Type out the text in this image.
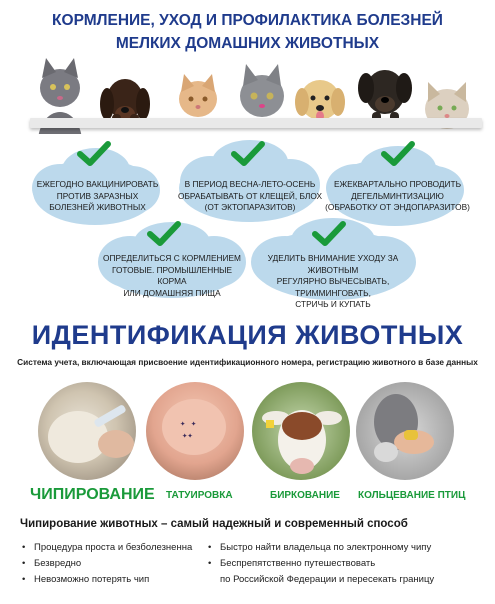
КОРМЛЕНИЕ, УХОД И ПРОФИЛАКТИКА БОЛЕЗНЕЙ
МЕЛКИХ ДОМАШНИХ ЖИВОТНЫХ
ЕЖЕГОДНО ВАКЦИНИРОВАТЬ
ПРОТИВ ЗАРАЗНЫХ
БОЛЕЗНЕЙ ЖИВОТНЫХ
В ПЕРИОД ВЕСНА-ЛЕТО-ОСЕНЬ
ОБРАБАТЫВАТЬ ОТ КЛЕЩЕЙ, БЛОХ
(ОТ ЭКТОПАРАЗИТОВ)
ЕЖЕКВАРТАЛЬНО ПРОВОДИТЬ
ДЕГЕЛЬМИНТИЗАЦИЮ
(ОБРАБОТКУ ОТ ЭНДОПАРАЗИТОВ)
ОПРЕДЕЛИТЬСЯ С КОРМЛЕНИЕМ
ГОТОВЫЕ. ПРОМЫШЛЕННЫЕ КОРМА
ИЛИ ДОМАШНЯЯ ПИЩА
УДЕЛИТЬ ВНИМАНИЕ УХОДУ ЗА ЖИВОТНЫМ
РЕГУЛЯРНО ВЫЧЕСЫВАТЬ, ТРИММИНГОВАТЬ,
СТРИЧЬ И КУПАТЬ
ИДЕНТИФИКАЦИЯ ЖИВОТНЫХ
Система учета, включающая присвоение идентификационного номера, регистрацию животного в базе данных
✦ ✦
✦✦
ЧИПИРОВАНИЕ ТАТУИРОВКА	БИРКОВАНИЕ КОЛЬЦЕВАНИЕ ПТИЦ
Чипирование животных – самый надежный и современный способ
• Процедура проста и безболезненна
• Безвредно
• Невозможно потерять чип
• Быстро найти владельца по электронному чипу
• Беспрепятственно путешествовать
по Российской Федерации и пересекать границу
